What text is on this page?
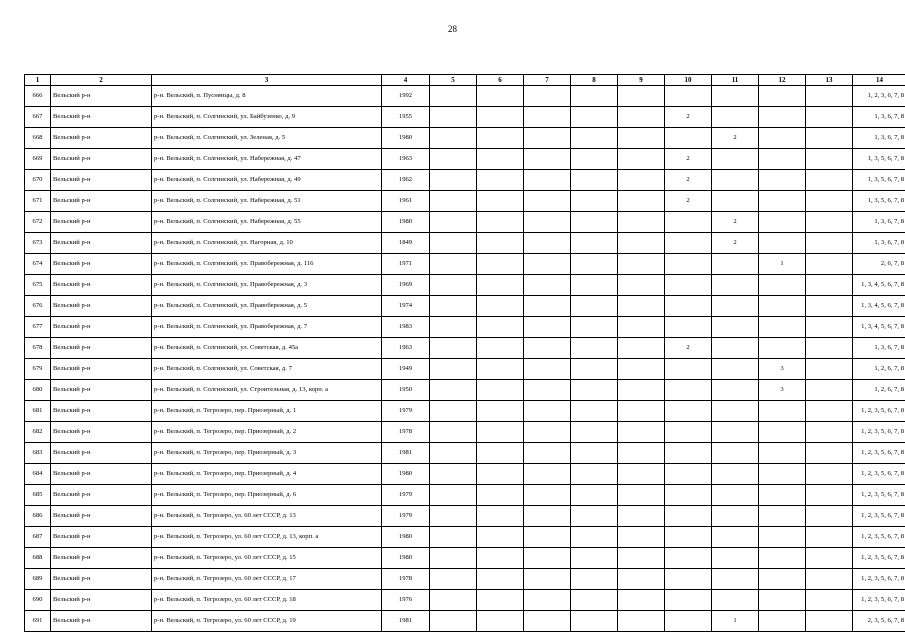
28
1	2	3	4	5	6	7	8	9	10	11	12	13	14
666	Вельский р-н	р-н. Вельский, п. Пуснянцы, д. 8	1992										1, 2, 3, 6, 7, 8
667	Вельский р-н	р-н. Вельский, п. Солгинский, ул. Байбузенко, д. 9	1955						2				1, 3, 6, 7, 8
668	Вельский р-н	р-н. Вельский, п. Солгинский, ул. Зеленая, д. 5	1980							2			1, 3, 6, 7, 8
669	Вельский р-н	р-н. Вельский, п. Солгинский, ул. Набережная, д. 47	1963						2				1, 3, 5, 6, 7, 8
670	Вельский р-н	р-н. Вельский, п. Солгинский, ул. Набережная, д. 49	1962						2				1, 3, 5, 6, 7, 8
671	Вельский р-н	р-н. Вельский, п. Солгинский, ул. Набережная, д. 51	1961						2				1, 3, 5, 6, 7, 8
672	Вельский р-н	р-н. Вельский, п. Солгинский, ул. Набережная, д. 55	1980							2			1, 3, 6, 7, 8
673	Вельский р-н	р-н. Вельский, п. Солгинский, ул. Нагорная, д. 10	1849							2			1, 3, 6, 7, 8
674	Вельский р-н	р-н. Вельский, п. Солгинский, ул. Правобережная, д. 116	1971								1		2, 6, 7, 8
675	Вельский р-н	р-н. Вельский, п. Солгинский, ул. Правобережная, д. 3	1969										1, 3, 4, 5, 6, 7, 8
676	Вельский р-н	р-н. Вельский, п. Солгинский, ул. Правобережная, д. 5	1974										1, 3, 4, 5, 6, 7, 8
677	Вельский р-н	р-н. Вельский, п. Солгинский, ул. Правобережная, д. 7	1983										1, 3, 4, 5, 6, 7, 8
678	Вельский р-н	р-н. Вельский, п. Солгинский, ул. Советская, д. 45а	1963						2				1, 3, 6, 7, 8
679	Вельский р-н	р-н. Вельский, п. Солгинский, ул. Советская, д. 7	1949								3		1, 2, 6, 7, 8
680	Вельский р-н	р-н. Вельский, п. Солгинский, ул. Строительная, д. 13, корп. а	1950								3		1, 2, 6, 7, 8
681	Вельский р-н	р-н. Вельский, п. Тегрозеро, пер. Приозерный, д. 1	1979										1, 2, 3, 5, 6, 7, 8
682	Вельский р-н	р-н. Вельский, п. Тегрозеро, пер. Приозерный, д. 2	1978										1, 2, 3, 5, 6, 7, 8
683	Вельский р-н	р-н. Вельский, п. Тегрозеро, пер. Приозерный, д. 3	1981										1, 2, 3, 5, 6, 7, 8
684	Вельский р-н	р-н. Вельский, п. Тегрозеро, пер. Приозерный, д. 4	1980										1, 2, 3, 5, 6, 7, 8
685	Вельский р-н	р-н. Вельский, п. Тегрозеро, пер. Приозерный, д. 6	1979										1, 2, 3, 5, 6, 7, 8
686	Вельский р-н	р-н. Вельский, п. Тегрозеро, ул. 60 лет СССР, д. 13	1979										1, 2, 3, 5, 6, 7, 8
687	Вельский р-н	р-н. Вельский, п. Тегрозеро, ул. 60 лет СССР, д. 13, корп. а	1980										1, 2, 3, 5, 6, 7, 8
688	Вельский р-н	р-н. Вельский, п. Тегрозеро, ул. 60 лет СССР, д. 15	1980										1, 2, 3, 5, 6, 7, 8
689	Вельский р-н	р-н. Вельский, п. Тегрозеро, ул. 60 лет СССР, д. 17	1978										1, 2, 3, 5, 6, 7, 8
690	Вельский р-н	р-н. Вельский, п. Тегрозеро, ул. 60 лет СССР, д. 18	1976										1, 2, 3, 5, 6, 7, 8
691	Вельский р-н	р-н. Вельский, п. Тегрозеро, ул. 60 лет СССР, д. 19	1981							1			2, 3, 5, 6, 7, 8
